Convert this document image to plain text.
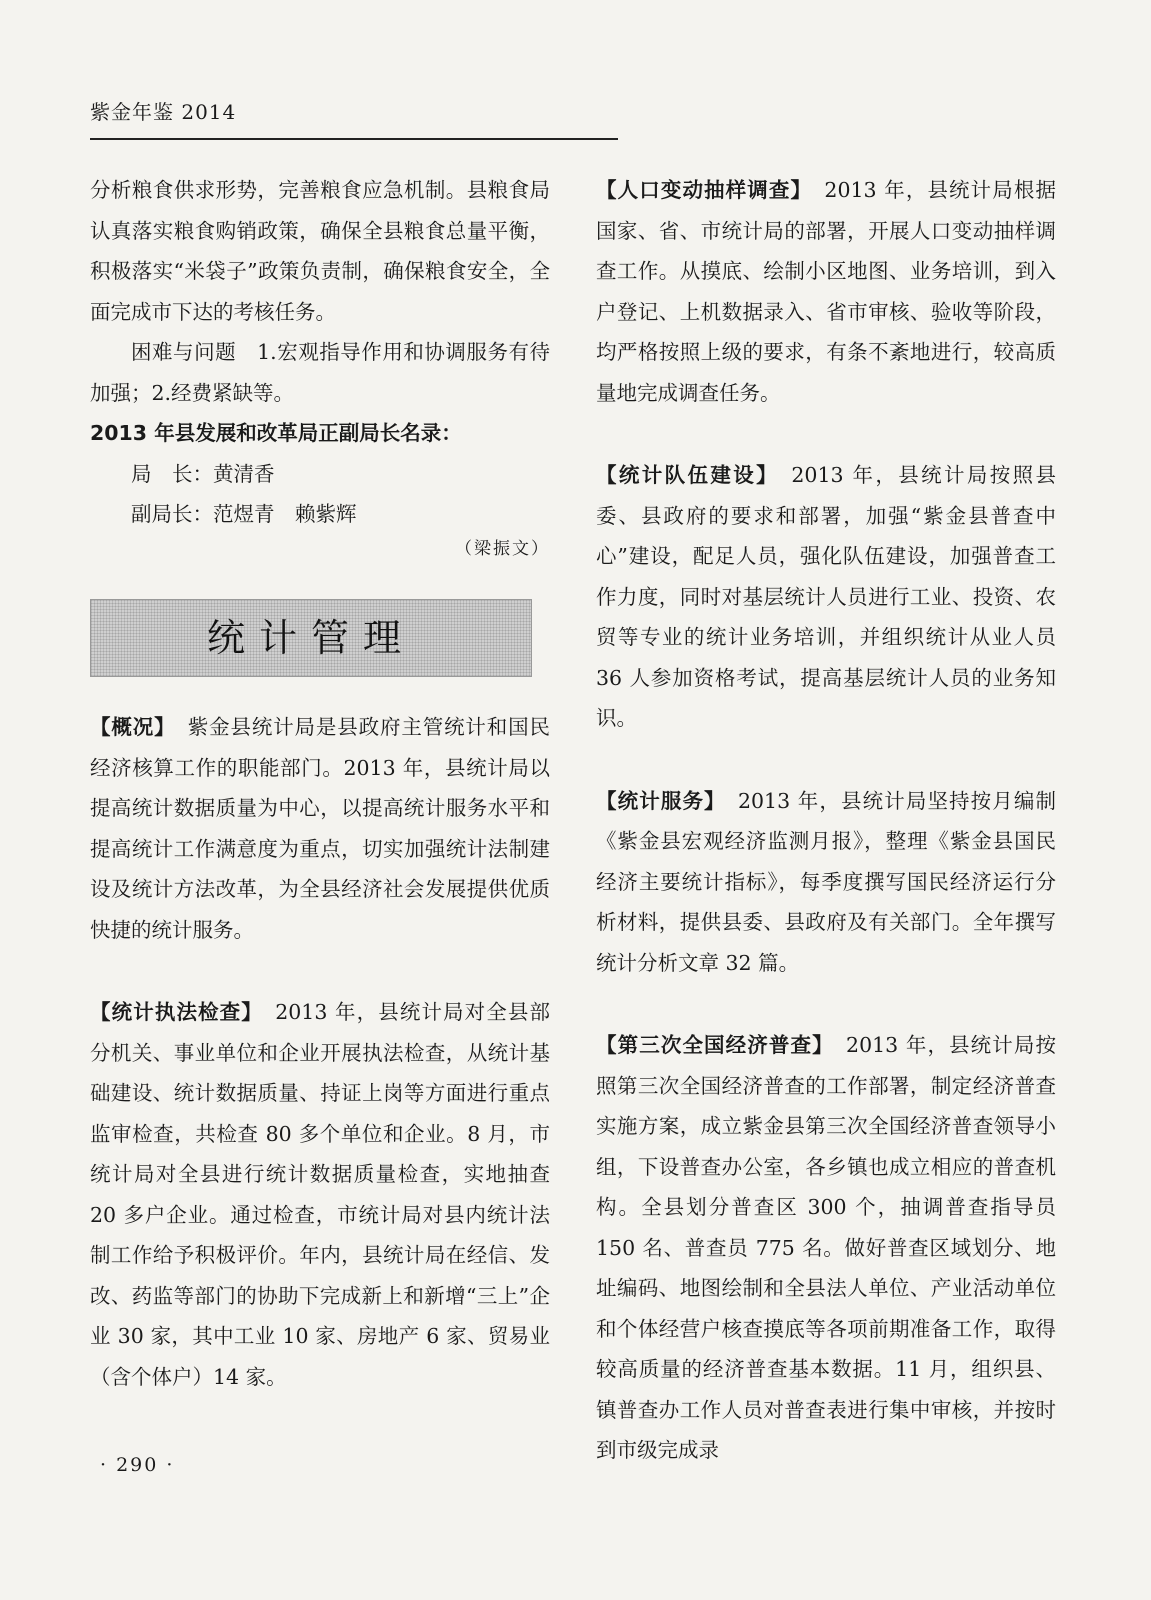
紫金年鉴 2014

分析粮食供求形势，完善粮食应急机制。县粮食局认真落实粮食购销政策，确保全县粮食总量平衡，积极落实“米袋子”政策负责制，确保粮食安全，全面完成市下达的考核任务。

困难与问题　1.宏观指导作用和协调服务有待加强；2.经费紧缺等。

2013 年县发展和改革局正副局长名录：

局　长：黄清香

副局长：范煜青　赖紫辉

（梁振文）

统计管理

【概况】 紫金县统计局是县政府主管统计和国民经济核算工作的职能部门。2013 年，县统计局以提高统计数据质量为中心，以提高统计服务水平和提高统计工作满意度为重点，切实加强统计法制建设及统计方法改革，为全县经济社会发展提供优质快捷的统计服务。

【统计执法检查】 2013 年，县统计局对全县部分机关、事业单位和企业开展执法检查，从统计基础建设、统计数据质量、持证上岗等方面进行重点监审检查，共检查 80 多个单位和企业。8 月，市统计局对全县进行统计数据质量检查，实地抽查 20 多户企业。通过检查，市统计局对县内统计法制工作给予积极评价。年内，县统计局在经信、发改、药监等部门的协助下完成新上和新增“三上”企业 30 家，其中工业 10 家、房地产 6 家、贸易业（含个体户）14 家。

【人口变动抽样调查】 2013 年，县统计局根据国家、省、市统计局的部署，开展人口变动抽样调查工作。从摸底、绘制小区地图、业务培训，到入户登记、上机数据录入、省市审核、验收等阶段，均严格按照上级的要求，有条不紊地进行，较高质量地完成调查任务。

【统计队伍建设】 2013 年，县统计局按照县委、县政府的要求和部署，加强“紫金县普查中心”建设，配足人员，强化队伍建设，加强普查工作力度，同时对基层统计人员进行工业、投资、农贸等专业的统计业务培训，并组织统计从业人员 36 人参加资格考试，提高基层统计人员的业务知识。

【统计服务】 2013 年，县统计局坚持按月编制《紫金县宏观经济监测月报》，整理《紫金县国民经济主要统计指标》，每季度撰写国民经济运行分析材料，提供县委、县政府及有关部门。全年撰写统计分析文章 32 篇。

【第三次全国经济普查】 2013 年，县统计局按照第三次全国经济普查的工作部署，制定经济普查实施方案，成立紫金县第三次全国经济普查领导小组，下设普查办公室，各乡镇也成立相应的普查机构。全县划分普查区 300 个，抽调普查指导员 150 名、普查员 775 名。做好普查区域划分、地址编码、地图绘制和全县法人单位、产业活动单位和个体经营户核查摸底等各项前期准备工作，取得较高质量的经济普查基本数据。11 月，组织县、镇普查办工作人员对普查表进行集中审核，并按时到市级完成录

· 290 ·
